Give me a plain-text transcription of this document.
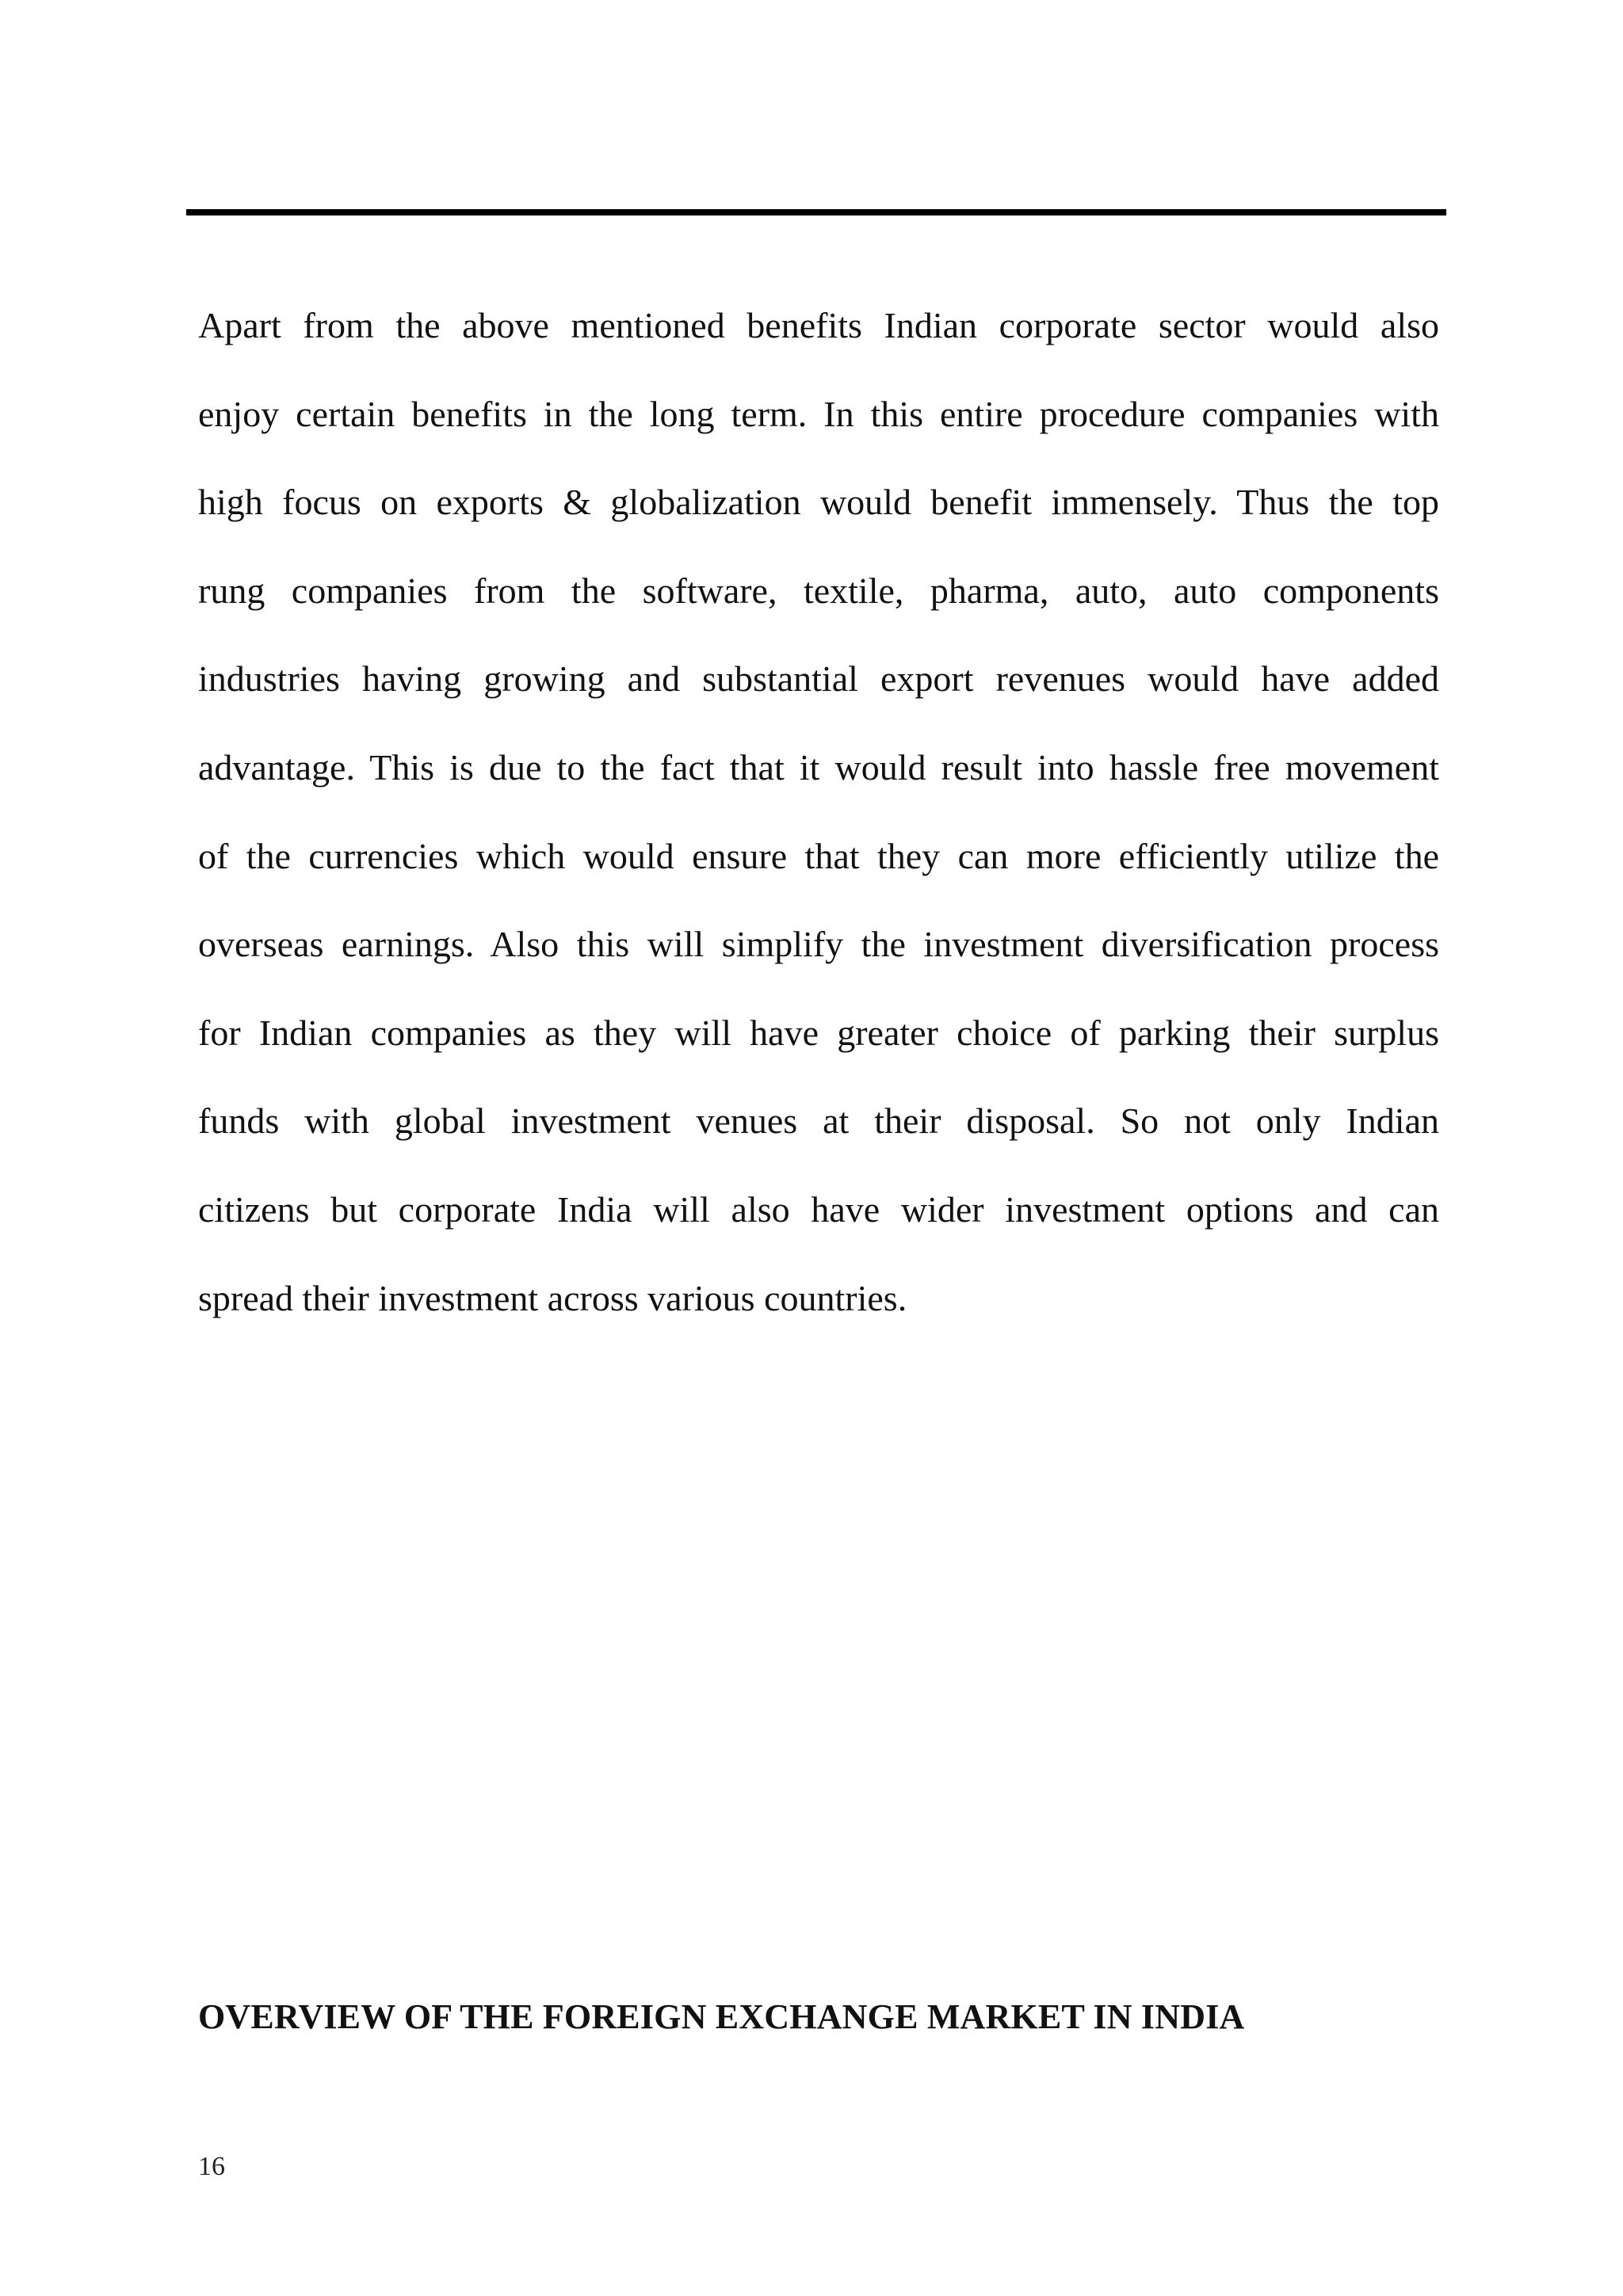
Apart from the above mentioned benefits Indian corporate sector would also
enjoy certain benefits in the long term. In this entire procedure companies with
high focus on exports & globalization would benefit immensely. Thus the top
rung companies from the software, textile, pharma, auto, auto components
industries having growing and substantial export revenues would have added
advantage. This is due to the fact that it would result into hassle free movement
of the currencies which would ensure that they can more efficiently utilize the
overseas earnings. Also this will simplify the investment diversification process
for Indian companies as they will have greater choice of parking their surplus
funds with global investment venues at their disposal. So not only Indian
citizens but corporate India will also have wider investment options and can
spread their investment across various countries.

OVERVIEW OF THE FOREIGN EXCHANGE MARKET IN INDIA
16
